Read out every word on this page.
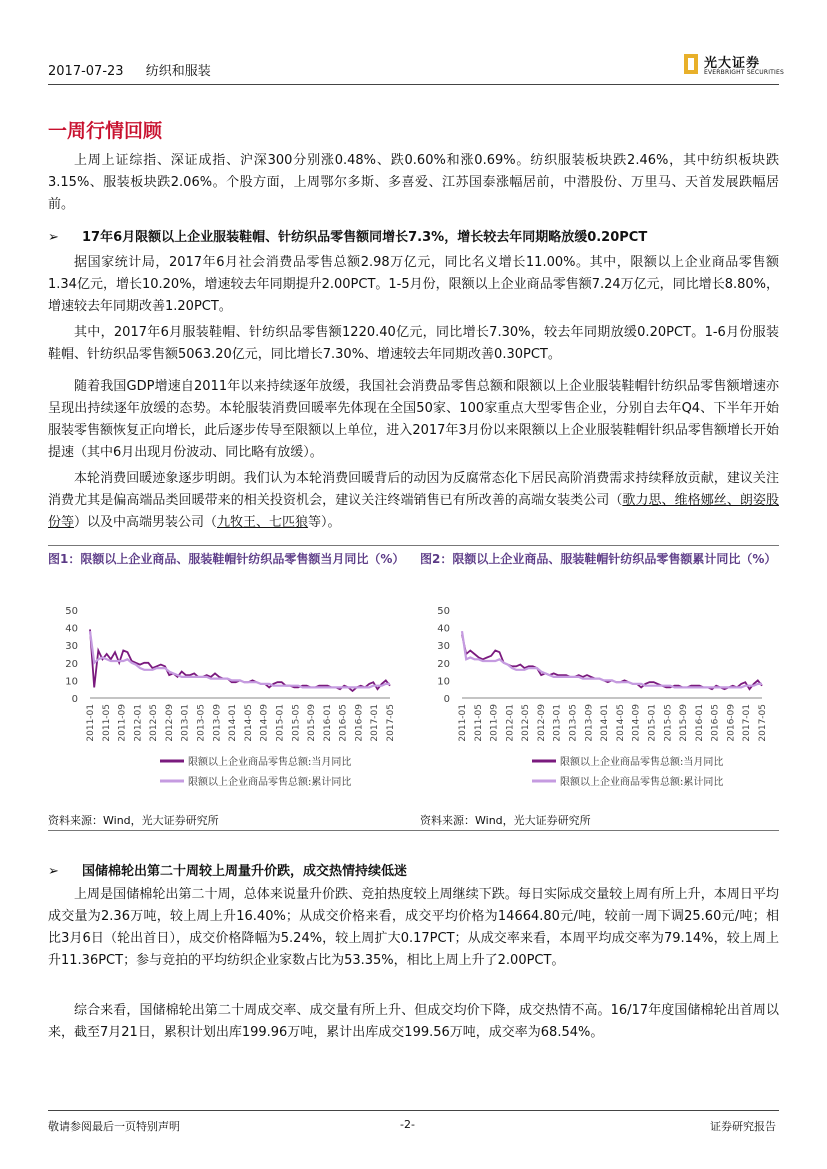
2017-07-23 纺织和服装
光大证券
EVERBRIGHT SECURITIES
一周行情回顾
上周上证综指、深证成指、沪深300分别涨0.48%、跌0.60%和涨0.69%。纺织服装板块跌2.46%，其中纺织板块跌3.15%、服装板块跌2.06%。个股方面，上周鄂尔多斯、多喜爱、江苏国泰涨幅居前，中潜股份、万里马、天首发展跌幅居前。
➢ 17年6月限额以上企业服装鞋帽、针纺织品零售额同增长7.3%，增长较去年同期略放缓0.20PCT
据国家统计局，2017年6月社会消费品零售总额2.98万亿元，同比名义增长11.00%。其中，限额以上企业商品零售额1.34亿元，增长10.20%，增速较去年同期提升2.00PCT。1-5月份，限额以上企业商品零售额7.24万亿元，同比增长8.80%，增速较去年同期改善1.20PCT。
其中，2017年6月服装鞋帽、针纺织品零售额1220.40亿元，同比增长7.30%，较去年同期放缓0.20PCT。1-6月份服装鞋帽、针纺织品零售额5063.20亿元，同比增长7.30%、增速较去年同期改善0.30PCT。
随着我国GDP增速自2011年以来持续逐年放缓，我国社会消费品零售总额和限额以上企业服装鞋帽针纺织品零售额增速亦呈现出持续逐年放缓的态势。本轮服装消费回暖率先体现在全国50家、100家重点大型零售企业，分别自去年Q4、下半年开始服装零售额恢复正向增长，此后逐步传导至限额以上单位，进入2017年3月份以来限额以上企业服装鞋帽针织品零售额增长开始提速（其中6月出现月份波动、同比略有放缓）。
本轮消费回暖迹象逐步明朗。我们认为本轮消费回暖背后的动因为反腐常态化下居民高阶消费需求持续释放贡献，建议关注消费尤其是偏高端品类回暖带来的相关投资机会，建议关注终端销售已有所改善的高端女装类公司（歌力思、维格娜丝、朗姿股份等）以及中高端男装公司（九牧王、七匹狼等）。
图1：限额以上企业商品、服装鞋帽针纺织品零售额当月同比（%）	图2：限额以上企业商品、服装鞋帽针纺织品零售额累计同比（%）
50
40
30
20
10
0
2011-01 2011-05 2011-09 2012-01 2012-05 2012-09 2013-01 2013-05 2013-09 2014-01 2014-05 2014-09 2015-01 2015-05 2015-09 2016-01 2016-05 2016-09 2017-01 2017-05
限额以上企业商品零售总额:当月同比
限额以上企业商品零售总额:累计同比
50
40
30
20
10
0
2011-01 2011-05 2011-09 2012-01 2012-05 2012-09 2013-01 2013-05 2013-09 2014-01 2014-05 2014-09 2015-01 2015-05 2015-09 2016-01 2016-05 2016-09 2017-01 2017-05
限额以上企业商品零售总额:当月同比
限额以上企业商品零售总额:累计同比
资料来源：Wind，光大证券研究所	资料来源：Wind，光大证券研究所
➢ 国储棉轮出第二十周较上周量升价跌，成交热情持续低迷
上周是国储棉轮出第二十周，总体来说量升价跌、竞拍热度较上周继续下跌。每日实际成交量较上周有所上升，本周日平均成交量为2.36万吨，较上周上升16.40%；从成交价格来看，成交平均价格为14664.80元/吨，较前一周下调25.60元/吨；相比3月6日（轮出首日），成交价格降幅为5.24%，较上周扩大0.17PCT；从成交率来看，本周平均成交率为79.14%，较上周上升11.36PCT；参与竞拍的平均纺织企业家数占比为53.35%，相比上周上升了2.00PCT。
综合来看，国储棉轮出第二十周成交率、成交量有所上升、但成交均价下降，成交热情不高。16/17年度国储棉轮出首周以来，截至7月21日，累积计划出库199.96万吨，累计出库成交199.56万吨，成交率为68.54%。
敬请参阅最后一页特别声明	-2-	证券研究报告
